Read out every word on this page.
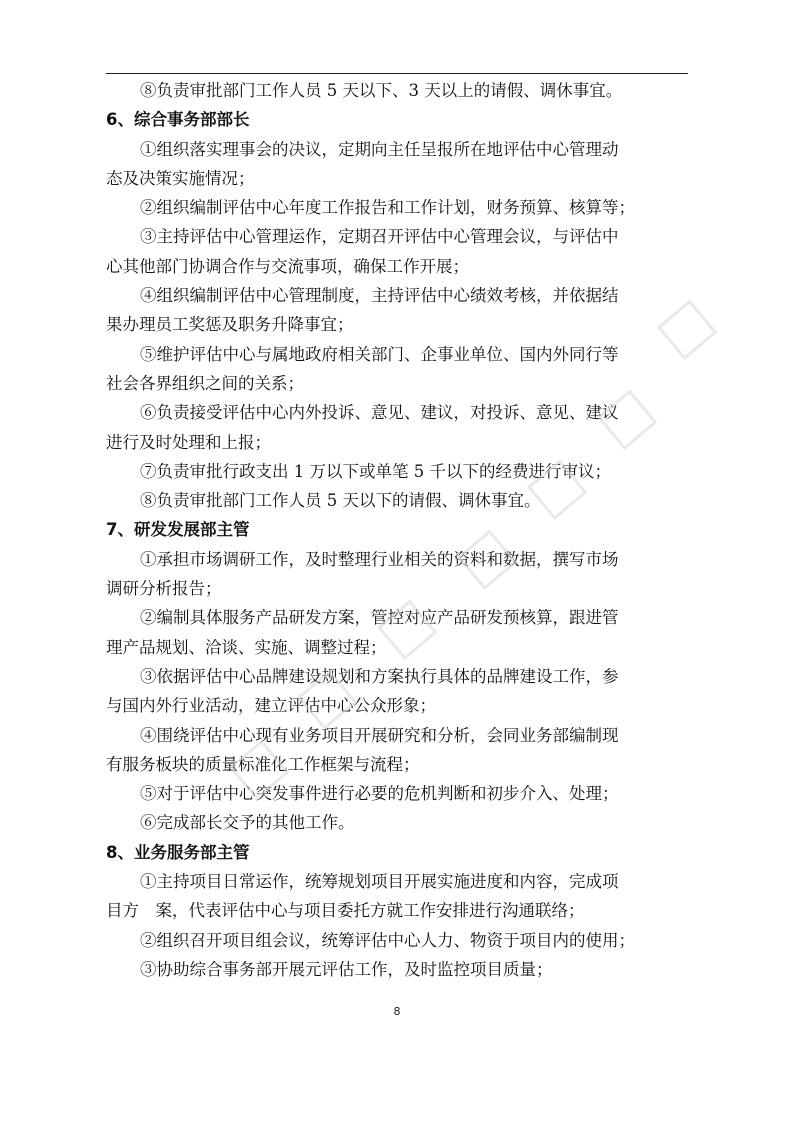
⑧负责审批部门工作人员 5 天以下、3 天以上的请假、调休事宜。
6、综合事务部部长
①组织落实理事会的决议，定期向主任呈报所在地评估中心管理动
态及决策实施情况；
②组织编制评估中心年度工作报告和工作计划，财务预算、核算等；
③主持评估中心管理运作，定期召开评估中心管理会议，与评估中
心其他部门协调合作与交流事项，确保工作开展；
④组织编制评估中心管理制度，主持评估中心绩效考核，并依据结
果办理员工奖惩及职务升降事宜；
⑤维护评估中心与属地政府相关部门、企事业单位、国内外同行等
社会各界组织之间的关系；
⑥负责接受评估中心内外投诉、意见、建议，对投诉、意见、建议
进行及时处理和上报；
⑦负责审批行政支出 1 万以下或单笔 5 千以下的经费进行审议；
⑧负责审批部门工作人员 5 天以下的请假、调休事宜。
7、研发发展部主管
①承担市场调研工作，及时整理行业相关的资料和数据，撰写市场
调研分析报告；
②编制具体服务产品研发方案，管控对应产品研发预核算，跟进管
理产品规划、洽谈、实施、调整过程；
③依据评估中心品牌建设规划和方案执行具体的品牌建设工作，参
与国内外行业活动，建立评估中心公众形象；
④围绕评估中心现有业务项目开展研究和分析，会同业务部编制现
有服务板块的质量标准化工作框架与流程；
⑤对于评估中心突发事件进行必要的危机判断和初步介入、处理；
⑥完成部长交予的其他工作。
8、业务服务部主管
①主持项目日常运作，统筹规划项目开展实施进度和内容，完成项
目方　案，代表评估中心与项目委托方就工作安排进行沟通联络；
②组织召开项目组会议，统筹评估中心人力、物资于项目内的使用；
③协助综合事务部开展元评估工作，及时监控项目质量；
8
